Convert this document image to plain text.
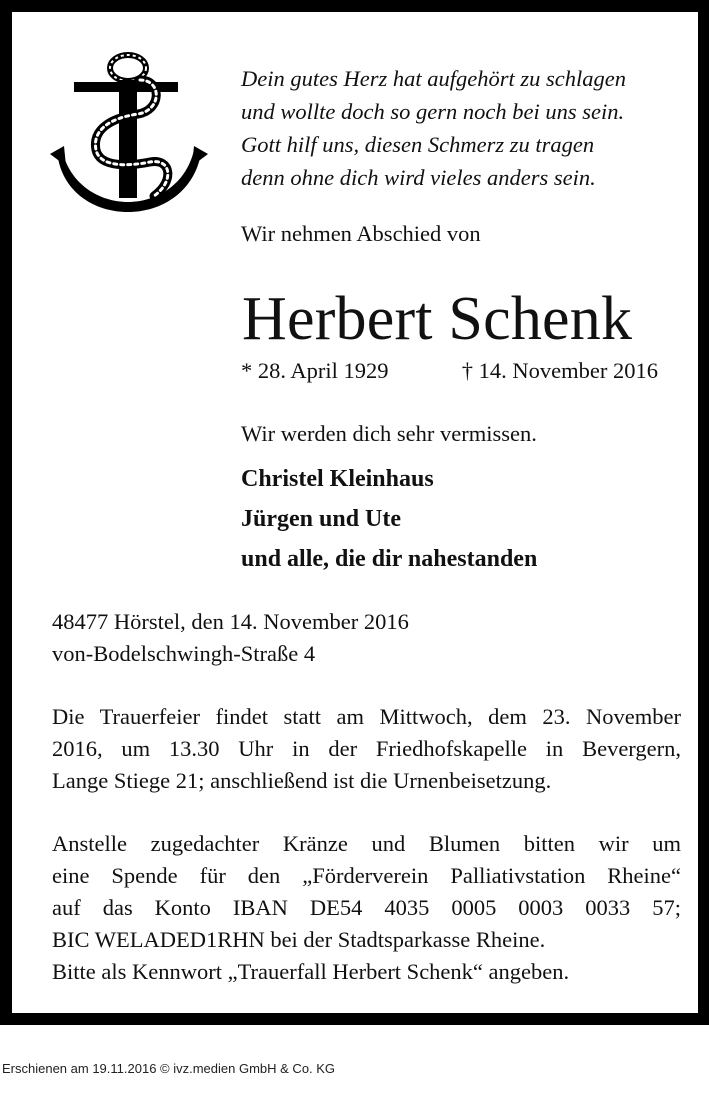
Dein gutes Herz hat aufgehört zu schlagen
und wollte doch so gern noch bei uns sein.
Gott hilf uns, diesen Schmerz zu tragen
denn ohne dich wird vieles anders sein.
Wir nehmen Abschied von
Herbert Schenk
* 28. April 1929	† 14. November 2016
Wir werden dich sehr vermissen.
Christel Kleinhaus
Jürgen und Ute
und alle, die dir nahestanden
48477 Hörstel, den 14. November 2016
von-Bodelschwingh-Straße 4

Die Trauerfeier findet statt am Mittwoch, dem 23. November
2016, um 13.30 Uhr in der Friedhofskapelle in Bevergern,
Lange Stiege 21; anschließend ist die Urnenbeisetzung.

Anstelle zugedachter Kränze und Blumen bitten wir um
eine Spende für den „Förderverein Palliativstation Rheine“
auf das Konto IBAN DE54 4035 0005 0003 0033 57;
BIC WELADED1RHN bei der Stadtsparkasse Rheine.
Bitte als Kennwort „Trauerfall Herbert Schenk“ angeben.

Erschienen am 19.11.2016 © ivz.medien GmbH & Co. KG
